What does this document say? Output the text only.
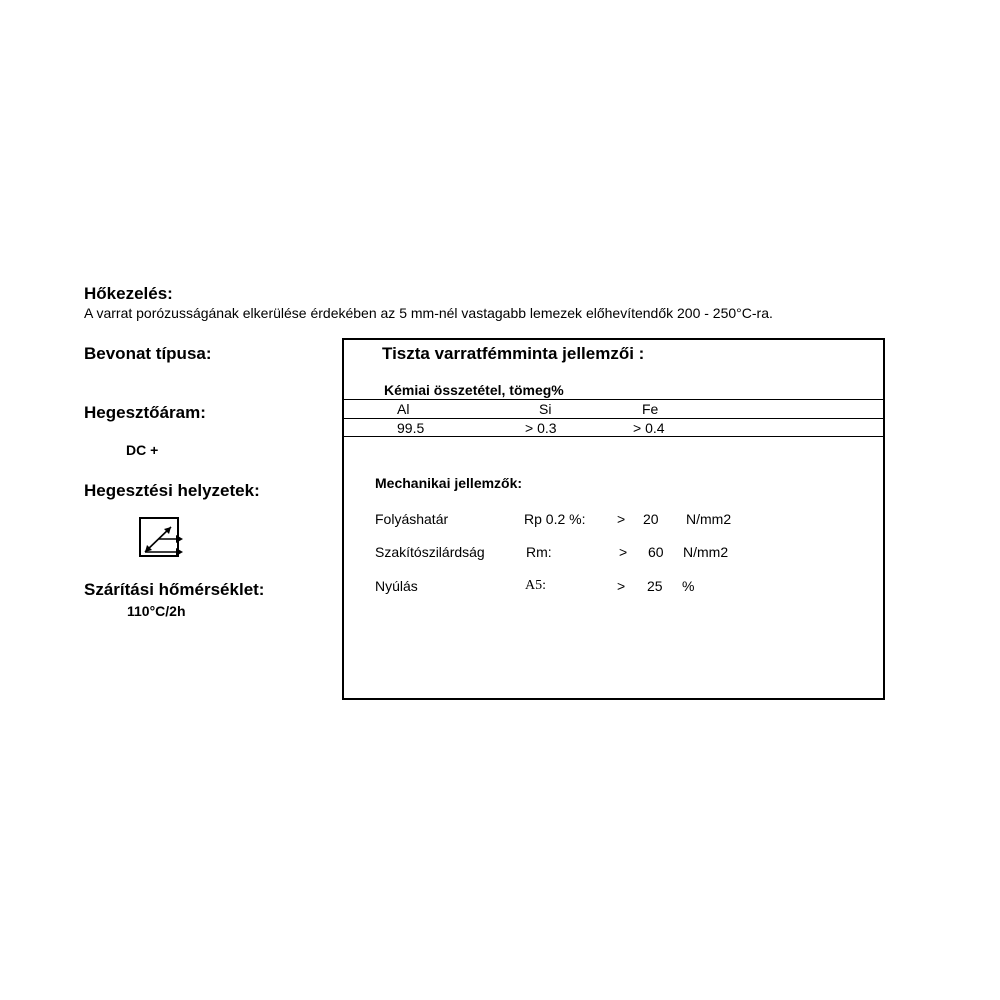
Hőkezelés:
A varrat porózusságának elkerülése érdekében az 5 mm-nél vastagabb lemezek előhevítendők 200 - 250°C-ra.
Bevonat típusa:
Hegesztőáram:
DC +
Hegesztési helyzetek:
Szárítási hőmérséklet:
110°C/2h
Tiszta varratfémminta jellemzői :
Kémiai összetétel, tömeg%
Al	Si	Fe
99.5	> 0.3	> 0.4
Mechanikai jellemzők:
Folyáshatár	Rp 0.2 %: > 20 N/mm2
Szakítószilárdság	Rm:	> 60 N/mm2
Nyúlás	A5:	> 25 %
